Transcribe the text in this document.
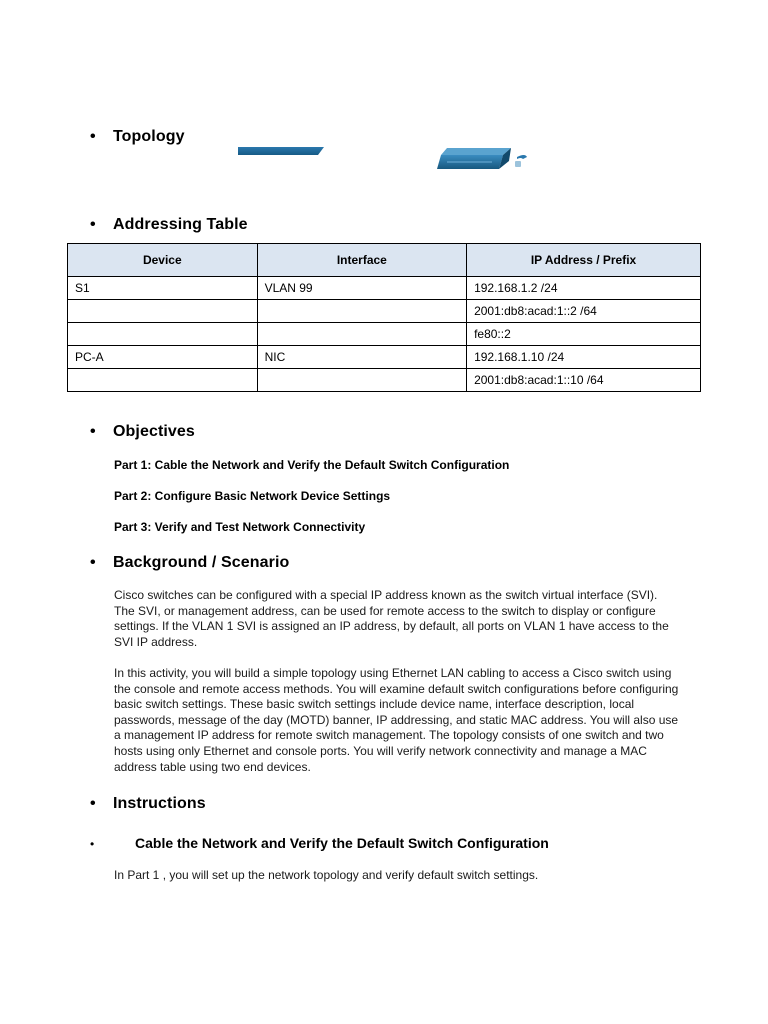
• Topology
• Addressing Table
Device	Interface	IP Address / Prefix
S1	VLAN 99	192.168.1.2 /24
		2001:db8:acad:1::2 /64
		fe80::2
PC-A	NIC	192.168.1.10 /24
		2001:db8:acad:1::10 /64
• Objectives
Part 1: Cable the Network and Verify the Default Switch Configuration
Part 2: Configure Basic Network Device Settings
Part 3: Verify and Test Network Connectivity
• Background / Scenario
Cisco switches can be configured with a special IP address known as the switch virtual interface (SVI). The SVI, or management address, can be used for remote access to the switch to display or configure settings. If the VLAN 1 SVI is assigned an IP address, by default, all ports on VLAN 1 have access to the SVI IP address.
In this activity, you will build a simple topology using Ethernet LAN cabling to access a Cisco switch using the console and remote access methods. You will examine default switch configurations before configuring basic switch settings. These basic switch settings include device name, interface description, local passwords, message of the day (MOTD) banner, IP addressing, and static MAC address. You will also use a management IP address for remote switch management. The topology consists of one switch and two hosts using only Ethernet and console ports. You will verify network connectivity and manage a MAC address table using two end devices.
• Instructions
•	Cable the Network and Verify the Default Switch Configuration
In Part 1 , you will set up the network topology and verify default switch settings.
